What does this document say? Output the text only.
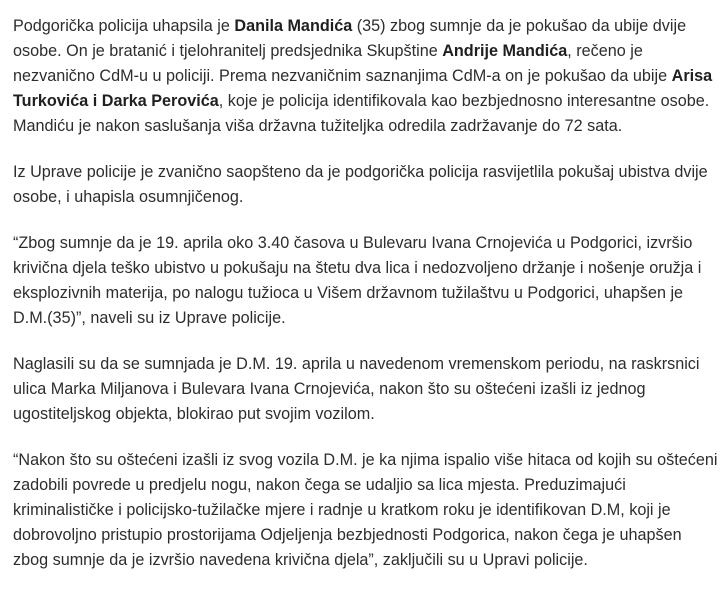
Podgorička policija uhapsila je Danila Mandića (35) zbog sumnje da je pokušao da ubije dvije osobe. On je bratanić i tjelohranitelj predsjednika Skupštine Andrije Mandića, rečeno je nezvanično CdM-u u policiji. Prema nezvaničnim saznanjima CdM-a on je pokušao da ubije Arisa Turkovića i Darka Perovića, koje je policija identifikovala kao bezbjednosno interesantne osobe. Mandiću je nakon saslušanja viša državna tužiteljka odredila zadržavanje do 72 sata.

Iz Uprave policije je zvanično saopšteno da je podgorička policija rasvijetlila pokušaj ubistva dvije osobe, i uhapisla osumnjičenog.

“Zbog sumnje da je 19. aprila oko 3.40 časova u Bulevaru Ivana Crnojevića u Podgorici, izvršio krivična djela teško ubistvo u pokušaju na štetu dva lica i nedozvoljeno držanje i nošenje oružja i eksplozivnih materija, po nalogu tužioca u Višem državnom tužilaštvu u Podgorici, uhapšen je D.M.(35)”, naveli su iz Uprave policije.

Naglasili su da se sumnjada je D.M. 19. aprila u navedenom vremenskom periodu, na raskrsnici ulica Marka Miljanova i Bulevara Ivana Crnojevića, nakon što su oštećeni izašli iz jednog ugostiteljskog objekta, blokirao put svojim vozilom.

“Nakon što su oštećeni izašli iz svog vozila D.M. je ka njima ispalio više hitaca od kojih su oštećeni zadobili povrede u predjelu nogu, nakon čega se udaljio sa lica mjesta. Preduzimajući kriminalističke i policijsko-tužilačke mjere i radnje u kratkom roku je identifikovan D.M, koji je dobrovoljno pristupio prostorijama Odjeljenja bezbjednosti Podgorica, nakon čega je uhapšen zbog sumnje da je izvršio navedena krivična djela”, zaključili su u Upravi policije.
